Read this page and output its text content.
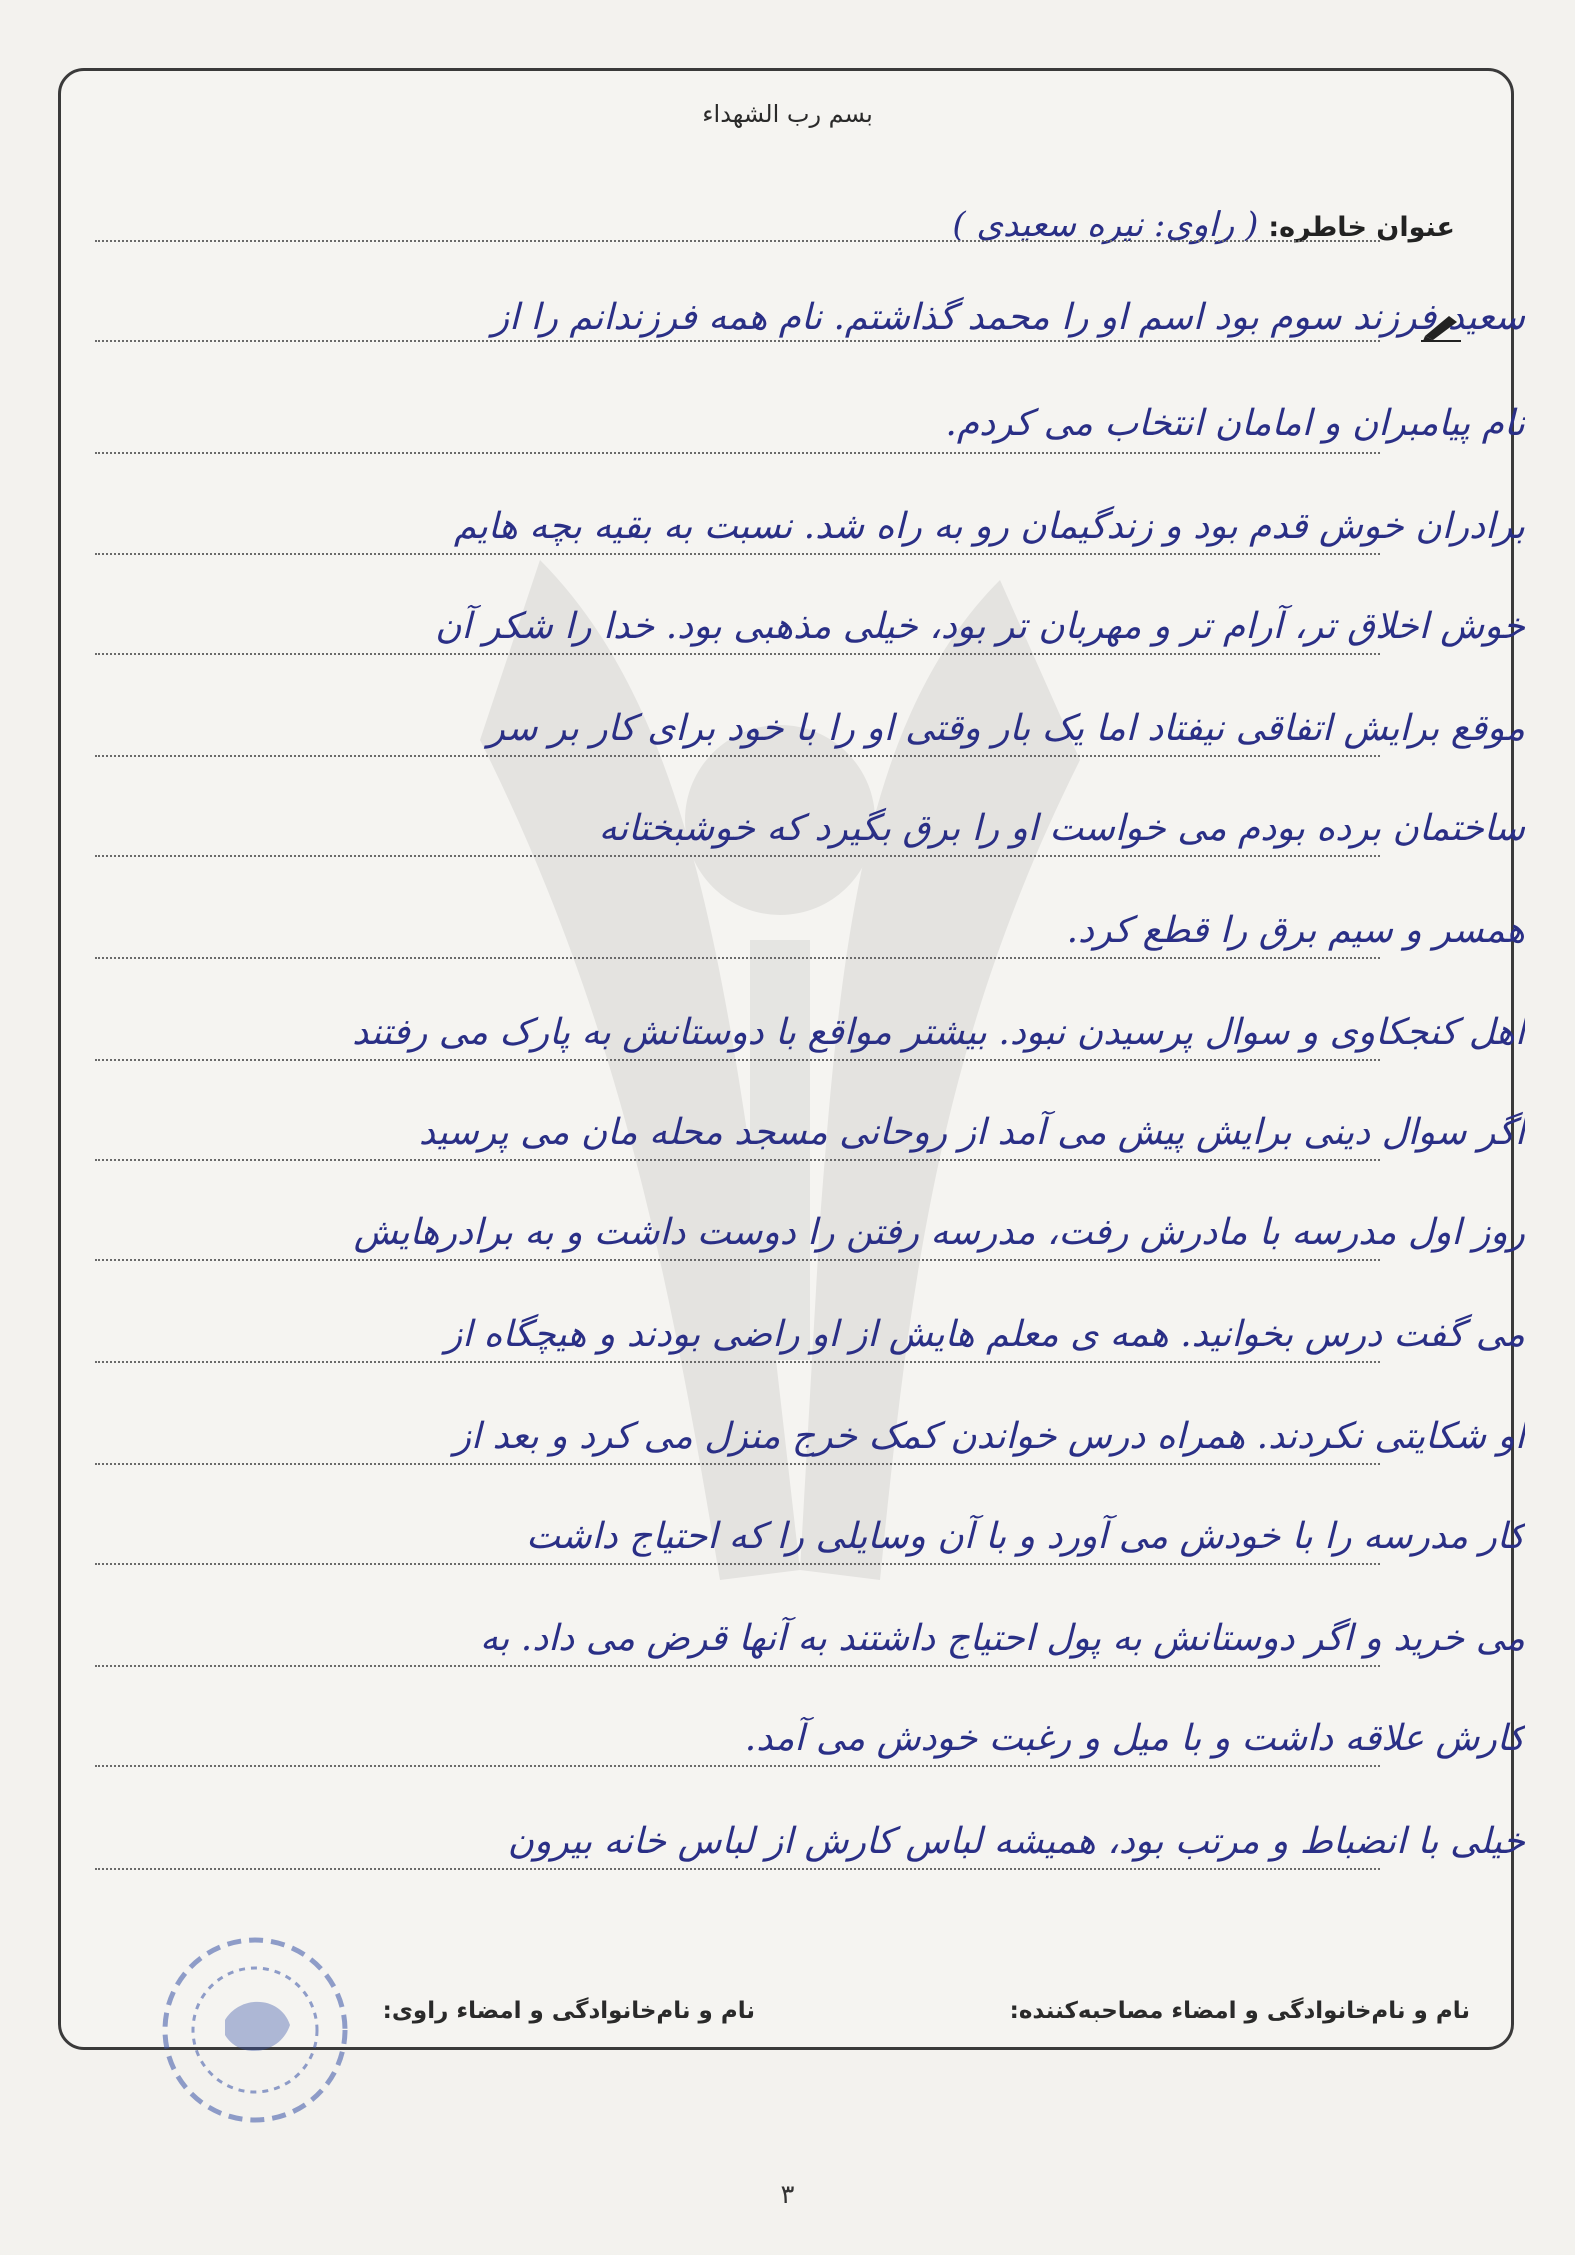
بسم رب الشهداء
عنوان خاطره:
( راوی: نیره سعیدی )
سعید فرزند سوم بود اسم او را محمد گذاشتم. نام همه فرزندانم را از
نام پیامبران و امامان انتخاب می کردم.
برادران خوش قدم بود و زندگیمان رو به راه شد. نسبت به بقیه بچه هایم
خوش اخلاق تر، آرام تر و مهربان تر بود، خیلی مذهبی بود. خدا را شکر آن
موقع برایش اتفاقی نیفتاد اما یک بار وقتی او را با خود برای کار بر سر
ساختمان برده بودم می خواست او را برق بگیرد که خوشبختانه
همسر و سیم برق را قطع کرد.
اهل کنجکاوی و سوال پرسیدن نبود. بیشتر مواقع با دوستانش به پارک می رفتند
اگر سوال دینی برایش پیش می آمد از روحانی مسجد محله مان می پرسید
روز اول مدرسه با مادرش رفت، مدرسه رفتن را دوست داشت و به برادرهایش
می گفت درس بخوانید. همه ی معلم هایش از او راضی بودند و هیچگاه از
او شکایتی نکردند. همراه درس خواندن کمک خرج منزل می کرد و بعد از
کار مدرسه را با خودش می آورد و با آن وسایلی را که احتیاج داشت
می خرید و اگر دوستانش به پول احتیاج داشتند به آنها قرض می داد. به
کارش علاقه داشت و با میل و رغبت خودش می آمد.
خیلی با انضباط و مرتب بود، همیشه لباس کارش از لباس خانه بیرون
نام و نام‌خانوادگی و امضاء مصاحبه‌کننده:
نام و نام‌خانوادگی و امضاء راوی:
۳
